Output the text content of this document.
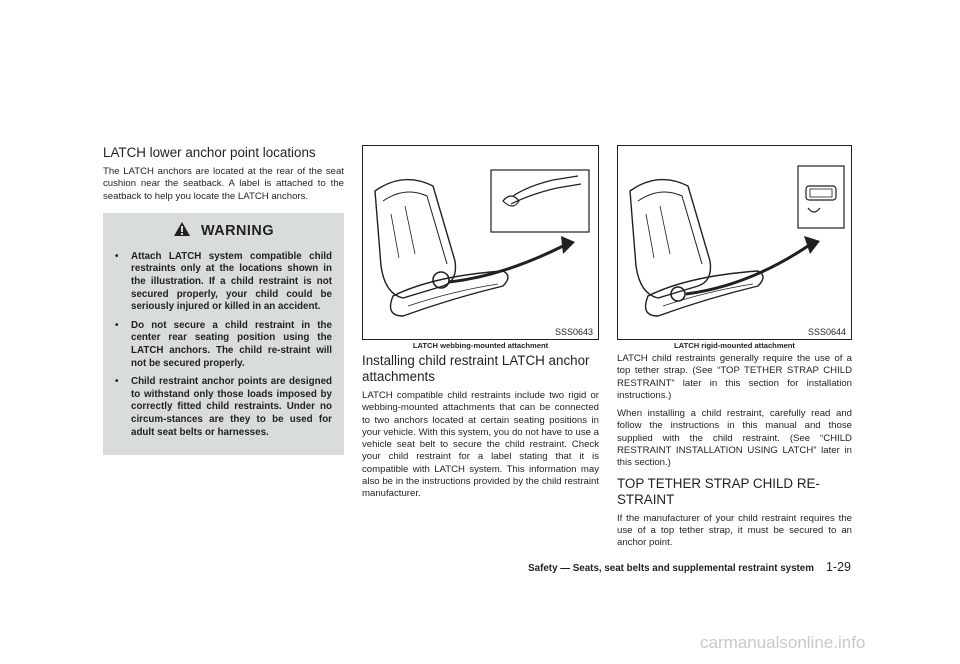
LATCH lower anchor point locations
The LATCH anchors are located at the rear of the seat cushion near the seatback. A label is attached to the seatback to help you locate the LATCH anchors.
WARNING
•	Attach LATCH system compatible child restraints only at the locations shown in the illustration. If a child restraint is not secured properly, your child could be seriously injured or killed in an accident.
•	Do not secure a child restraint in the center rear seating position using the LATCH anchors. The child re-straint will not be secured properly.
•	Child restraint anchor points are designed to withstand only those loads imposed by correctly fitted child restraints. Under no circum-stances are they to be used for adult seat belts or harnesses.
SSS0643
LATCH webbing-mounted attachment
Installing child restraint LATCH anchor attachments
LATCH compatible child restraints include two rigid or webbing-mounted attachments that can be connected to two anchors located at certain seating positions in your vehicle. With this system, you do not have to use a vehicle seat belt to secure the child restraint. Check your child restraint for a label stating that it is compatible with LATCH system. This information may also be in the instructions provided by the child restraint manufacturer.
SSS0644
LATCH rigid-mounted attachment
LATCH child restraints generally require the use of a top tether strap. (See “TOP TETHER STRAP CHILD RESTRAINT” later in this section for installation instructions.)
When installing a child restraint, carefully read and follow the instructions in this manual and those supplied with the child restraint. (See “CHILD RESTRAINT INSTALLATION USING LATCH” later in this section.)
TOP TETHER STRAP CHILD RE-STRAINT
If the manufacturer of your child restraint requires the use of a top tether strap, it must be secured to an anchor point.
Safety — Seats, seat belts and supplemental restraint system 1-29
carmanualsonline.info
